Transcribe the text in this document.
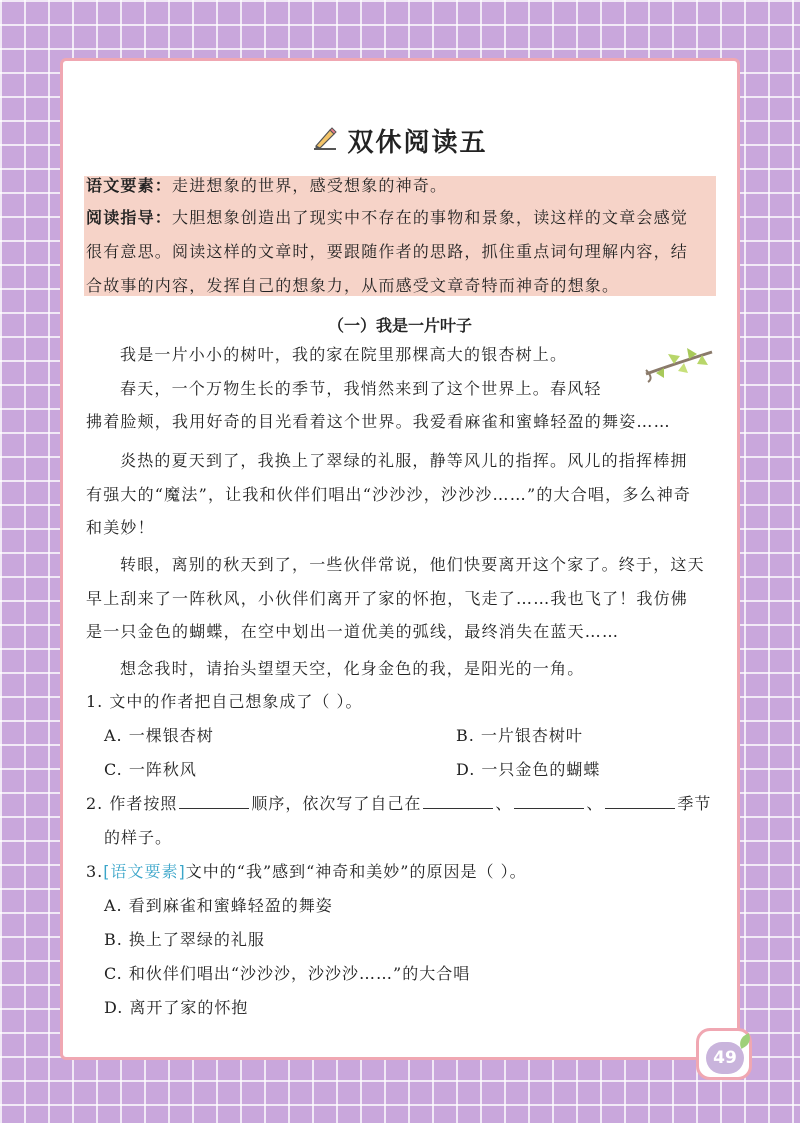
49
双休阅读五
语文要素：走进想象的世界，感受想象的神奇。
阅读指导：大胆想象创造出了现实中不存在的事物和景象，读这样的文章会感觉
很有意思。阅读这样的文章时，要跟随作者的思路，抓住重点词句理解内容，结
合故事的内容，发挥自己的想象力，从而感受文章奇特而神奇的想象。
（一）我是一片叶子
我是一片小小的树叶，我的家在院里那棵高大的银杏树上。
春天，一个万物生长的季节，我悄然来到了这个世界上。春风轻
拂着脸颊，我用好奇的目光看着这个世界。我爱看麻雀和蜜蜂轻盈的舞姿……
炎热的夏天到了，我换上了翠绿的礼服，静等风儿的指挥。风儿的指挥棒拥
有强大的“魔法”，让我和伙伴们唱出“沙沙沙，沙沙沙……”的大合唱，多么神奇
和美妙！
转眼，离别的秋天到了，一些伙伴常说，他们快要离开这个家了。终于，这天
早上刮来了一阵秋风，小伙伴们离开了家的怀抱，飞走了……我也飞了！我仿佛
是一只金色的蝴蝶，在空中划出一道优美的弧线，最终消失在蓝天……
想念我时，请抬头望望天空，化身金色的我，是阳光的一角。
1. 文中的作者把自己想象成了（ ）。
A. 一棵银杏树	B. 一片银杏树叶
C. 一阵秋风	D. 一只金色的蝴蝶
2. 作者按照	顺序，依次写了自己在	、	、	季节
的样子。
3.[语文要素]文中的“我”感到“神奇和美妙”的原因是（ ）。
A. 看到麻雀和蜜蜂轻盈的舞姿
B. 换上了翠绿的礼服
C. 和伙伴们唱出“沙沙沙，沙沙沙……”的大合唱
D. 离开了家的怀抱
